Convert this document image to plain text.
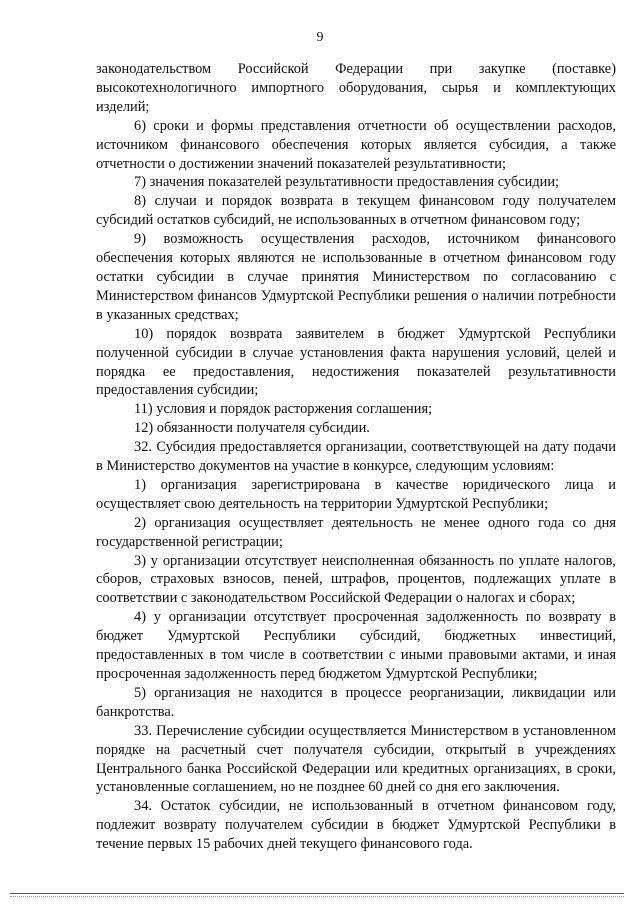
9

законодательством Российской Федерации при закупке (поставке) высокотехнологичного импортного оборудования, сырья и комплектующих изделий;

6) сроки и формы представления отчетности об осуществлении расходов, источником финансового обеспечения которых является субсидия, а также отчетности о достижении значений показателей результативности;

7) значения показателей результативности предоставления субсидии;

8) случаи и порядок возврата в текущем финансовом году получателем субсидий остатков субсидий, не использованных в отчетном финансовом году;

9) возможность осуществления расходов, источником финансового обеспечения которых являются не использованные в отчетном финансовом году остатки субсидии в случае принятия Министерством по согласованию с Министерством финансов Удмуртской Республики решения о наличии потребности в указанных средствах;

10) порядок возврата заявителем в бюджет Удмуртской Республики полученной субсидии в случае установления факта нарушения условий, целей и порядка ее предоставления, недостижения показателей результативности предоставления субсидии;

11) условия и порядок расторжения соглашения;

12) обязанности получателя субсидии.

32. Субсидия предоставляется организации, соответствующей на дату подачи в Министерство документов на участие в конкурсе, следующим условиям:

1) организация зарегистрирована в качестве юридического лица и осуществляет свою деятельность на территории Удмуртской Республики;

2) организация осуществляет деятельность не менее одного года со дня государственной регистрации;

3) у организации отсутствует неисполненная обязанность по уплате налогов, сборов, страховых взносов, пеней, штрафов, процентов, подлежащих уплате в соответствии с законодательством Российской Федерации о налогах и сборах;

4) у организации отсутствует просроченная задолженность по возврату в бюджет Удмуртской Республики субсидий, бюджетных инвестиций, предоставленных в том числе в соответствии с иными правовыми актами, и иная просроченная задолженность перед бюджетом Удмуртской Республики;

5) организация не находится в процессе реорганизации, ликвидации или банкротства.

33. Перечисление субсидии осуществляется Министерством в установленном порядке на расчетный счет получателя субсидии, открытый в учреждениях Центрального банка Российской Федерации или кредитных организациях, в сроки, установленные соглашением, но не позднее 60 дней со дня его заключения.

34. Остаток субсидии, не использованный в отчетном финансовом году, подлежит возврату получателем субсидии в бюджет Удмуртской Республики в течение первых 15 рабочих дней текущего финансового года.
